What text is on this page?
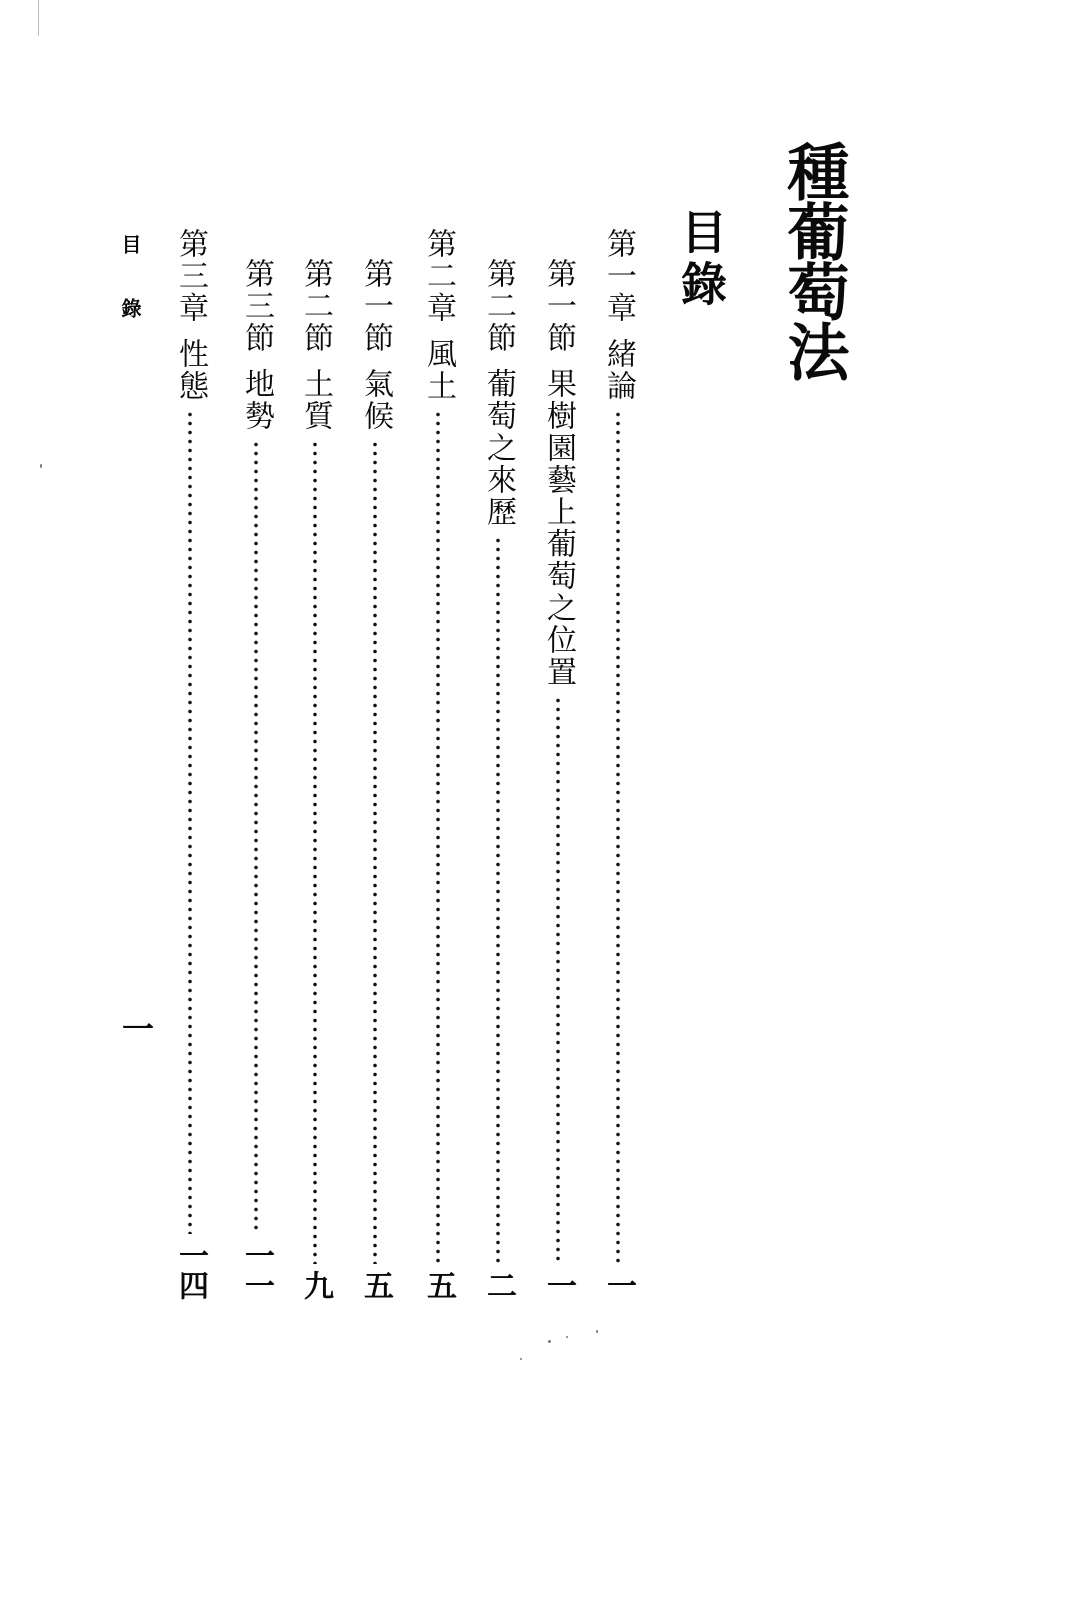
種葡萄法
目錄
第一章
緒論
一
第一節
果樹園藝上葡萄之位置
一
第二節
葡萄之來歷
二
第二章
風土
五
第一節
氣候
五
第二節
土質
九
第三節
地勢
一一
第三章
性態
一四
目錄
一
